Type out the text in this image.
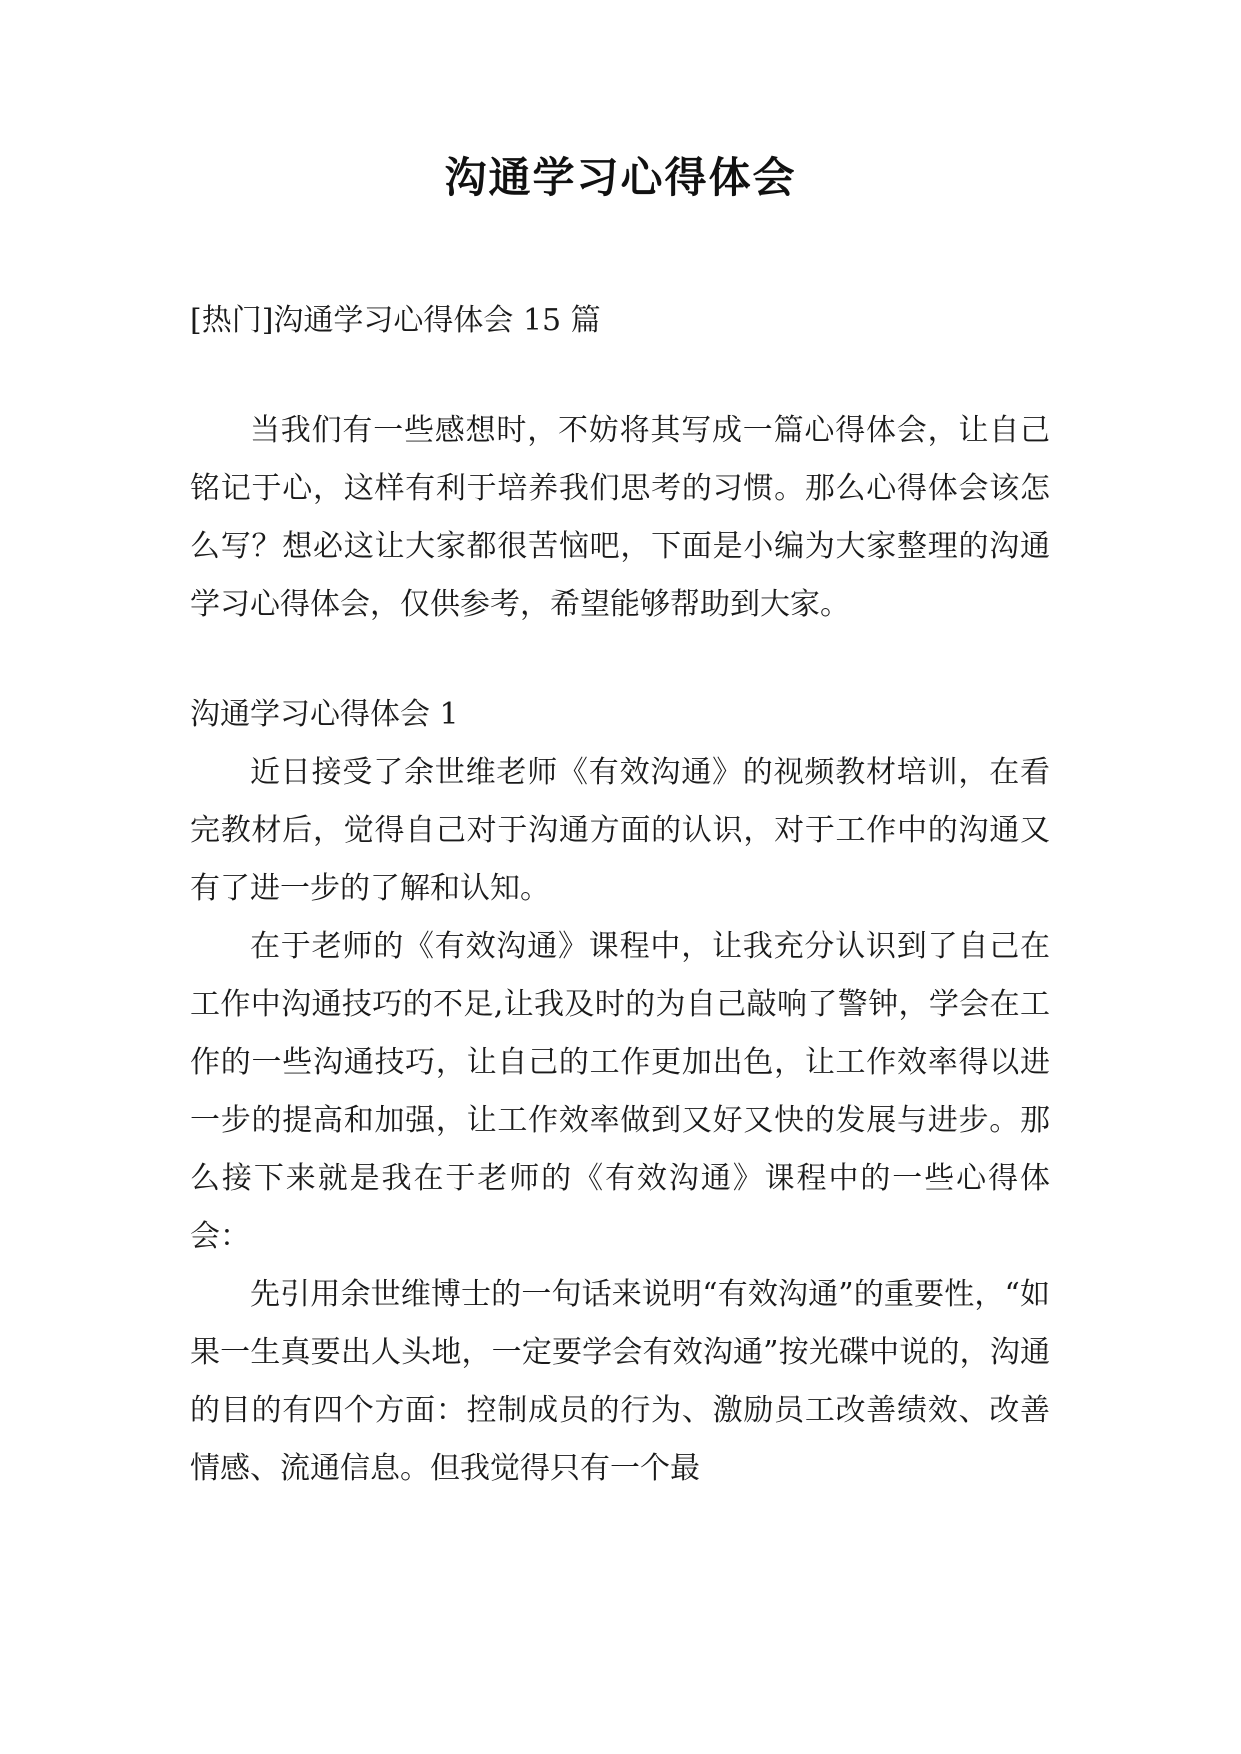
沟通学习心得体会

[热门]沟通学习心得体会 15 篇

当我们有一些感想时，不妨将其写成一篇心得体会，让自己铭记于心，这样有利于培养我们思考的习惯。那么心得体会该怎么写？想必这让大家都很苦恼吧，下面是小编为大家整理的沟通学习心得体会，仅供参考，希望能够帮助到大家。

沟通学习心得体会 1

近日接受了余世维老师《有效沟通》的视频教材培训，在看完教材后，觉得自己对于沟通方面的认识，对于工作中的沟通又有了进一步的了解和认知。

在于老师的《有效沟通》课程中，让我充分认识到了自己在工作中沟通技巧的不足,让我及时的为自己敲响了警钟，学会在工作的一些沟通技巧，让自己的工作更加出色，让工作效率得以进一步的提高和加强，让工作效率做到又好又快的发展与进步。那么接下来就是我在于老师的《有效沟通》课程中的一些心得体会：

先引用余世维博士的一句话来说明“有效沟通”的重要性，“如果一生真要出人头地，一定要学会有效沟通”按光碟中说的，沟通的目的有四个方面：控制成员的行为、激励员工改善绩效、改善情感、流通信息。但我觉得只有一个最
